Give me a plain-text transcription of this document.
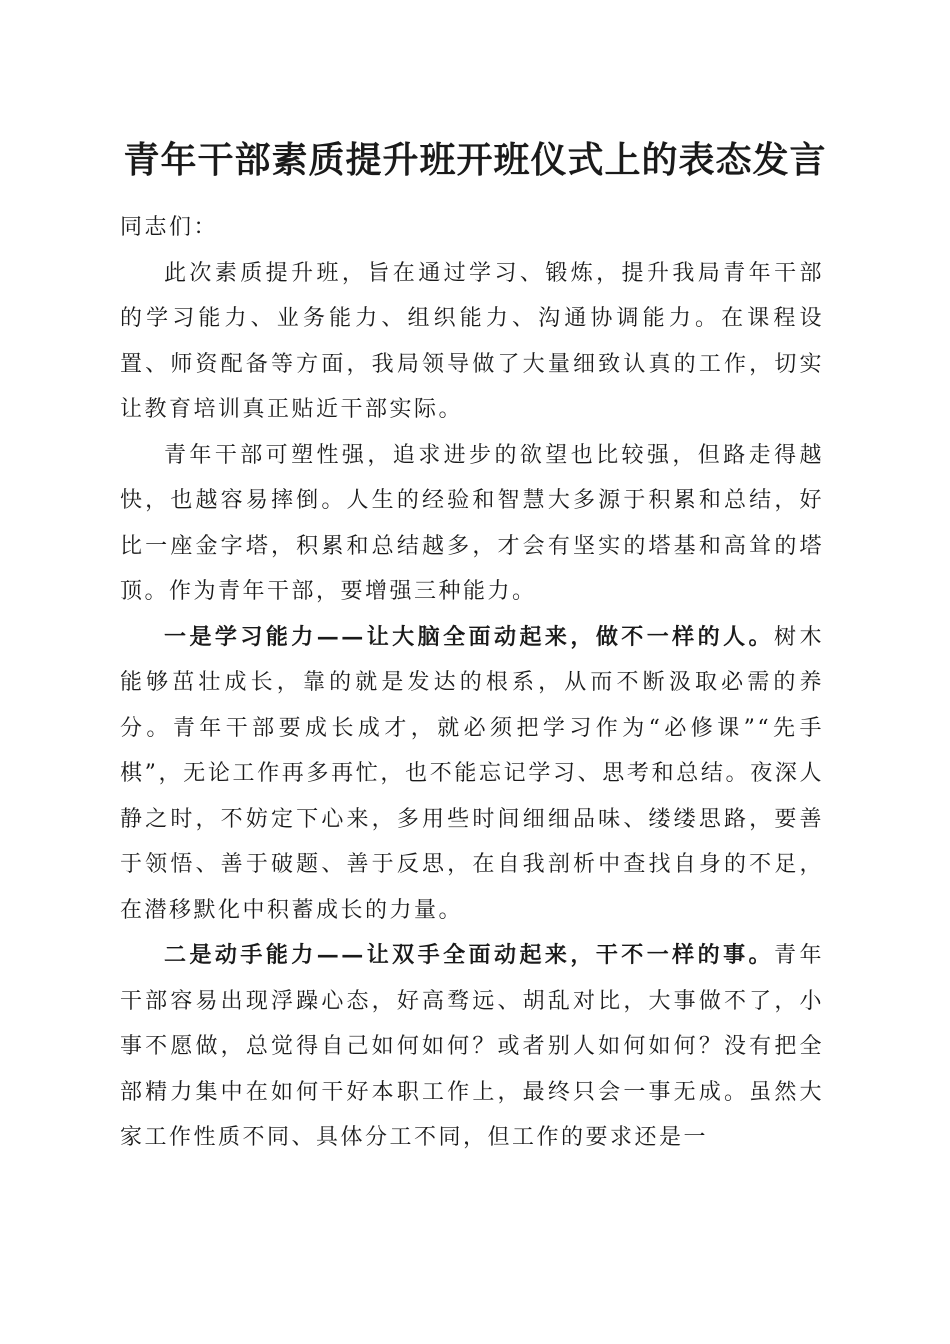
青年干部素质提升班开班仪式上的表态发言

同志们：

此次素质提升班，旨在通过学习、锻炼，提升我局青年干部的学习能力、业务能力、组织能力、沟通协调能力。在课程设置、师资配备等方面，我局领导做了大量细致认真的工作，切实让教育培训真正贴近干部实际。

青年干部可塑性强，追求进步的欲望也比较强，但路走得越快，也越容易摔倒。人生的经验和智慧大多源于积累和总结，好比一座金字塔，积累和总结越多，才会有坚实的塔基和高耸的塔顶。作为青年干部，要增强三种能力。

一是学习能力——让大脑全面动起来，做不一样的人。树木能够茁壮成长，靠的就是发达的根系，从而不断汲取必需的养分。青年干部要成长成才，就必须把学习作为“必修课”“先手棋”，无论工作再多再忙，也不能忘记学习、思考和总结。夜深人静之时，不妨定下心来，多用些时间细细品味、缕缕思路，要善于领悟、善于破题、善于反思，在自我剖析中查找自身的不足，在潜移默化中积蓄成长的力量。

二是动手能力——让双手全面动起来，干不一样的事。青年干部容易出现浮躁心态，好高骛远、胡乱对比，大事做不了，小事不愿做，总觉得自己如何如何？或者别人如何如何？没有把全部精力集中在如何干好本职工作上，最终只会一事无成。虽然大家工作性质不同、具体分工不同，但工作的要求还是一
